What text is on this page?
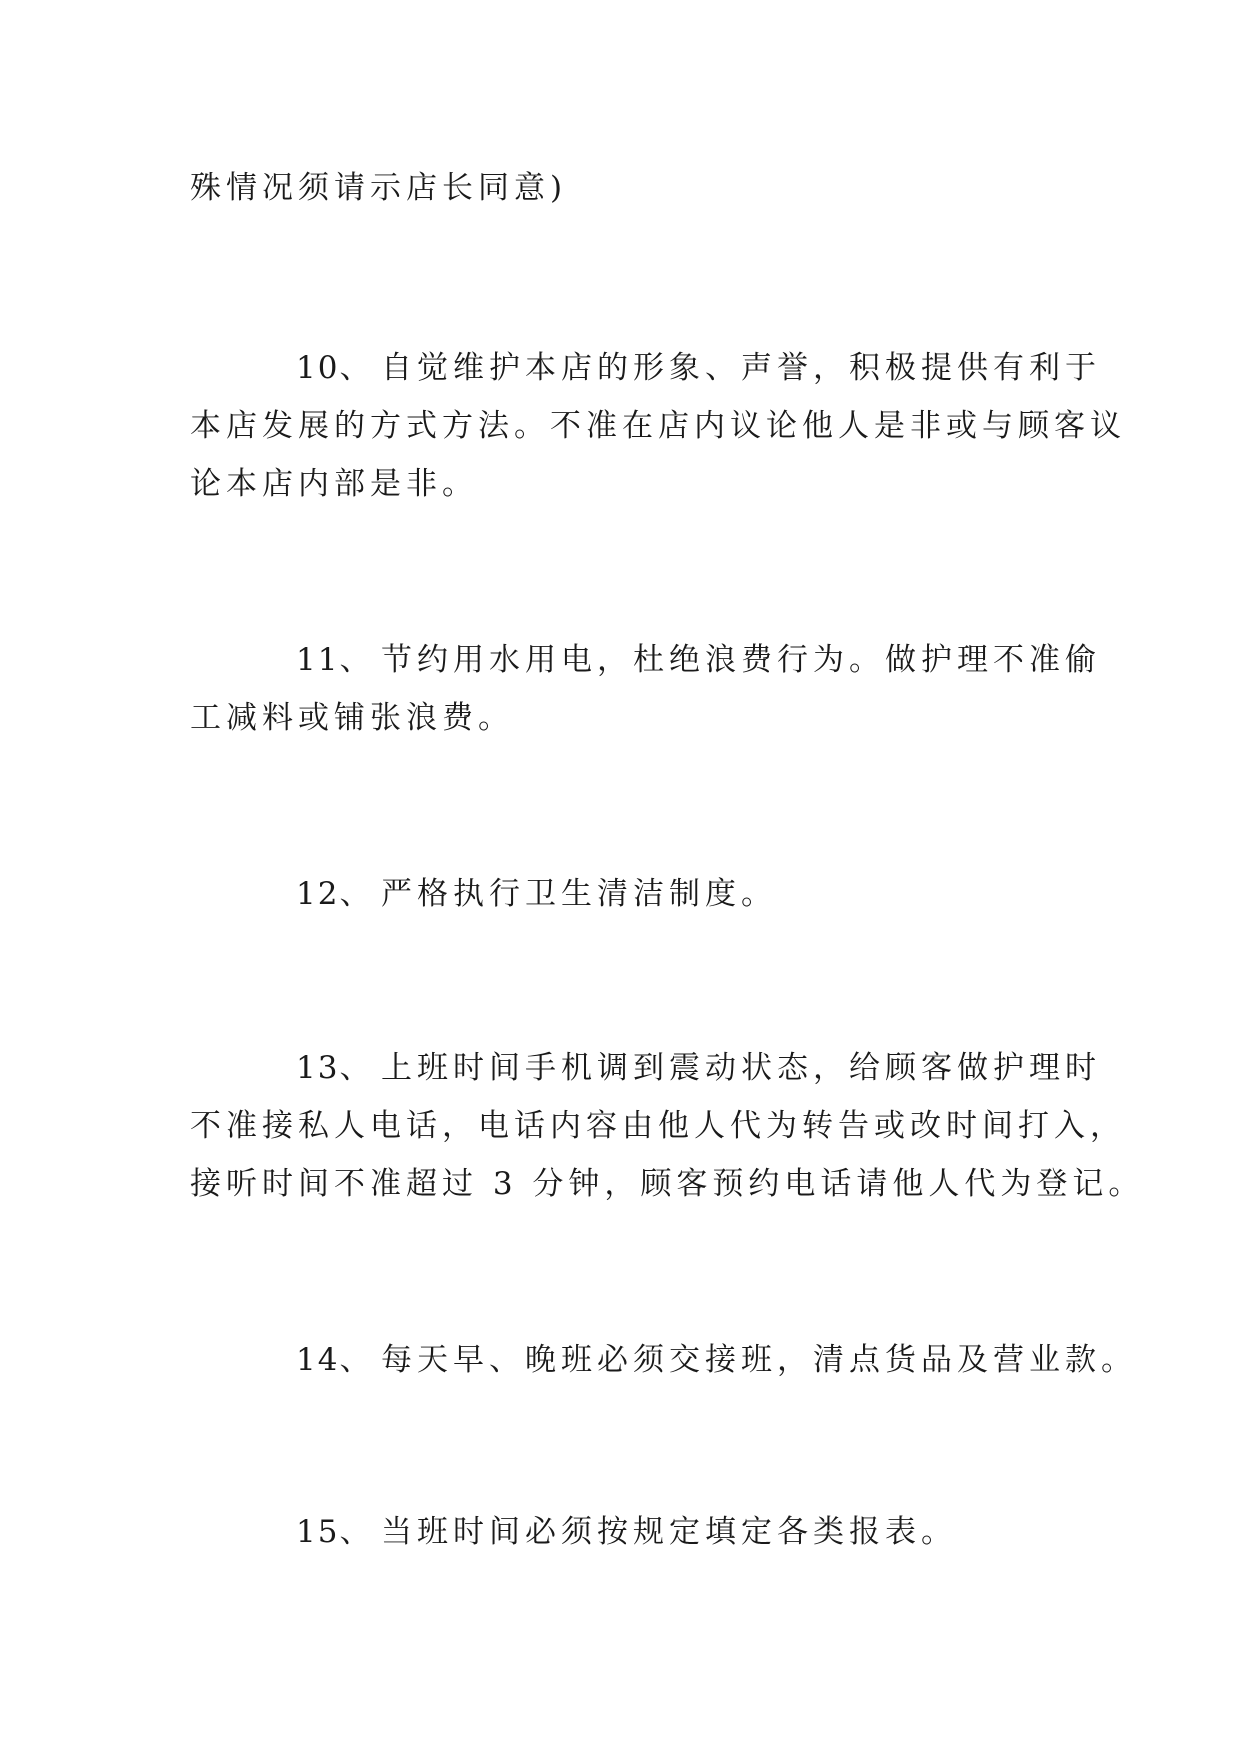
殊情况须请示店长同意)
10、 自觉维护本店的形象、声誉，积极提供有利于
本店发展的方式方法。不准在店内议论他人是非或与顾客议
论本店内部是非。
11、 节约用水用电，杜绝浪费行为。做护理不准偷
工减料或铺张浪费。
12、 严格执行卫生清洁制度。
13、 上班时间手机调到震动状态，给顾客做护理时
不准接私人电话，电话内容由他人代为转告或改时间打入，
接听时间不准超过 3 分钟，顾客预约电话请他人代为登记。
14、 每天早、晚班必须交接班，清点货品及营业款。
15、 当班时间必须按规定填定各类报表。
